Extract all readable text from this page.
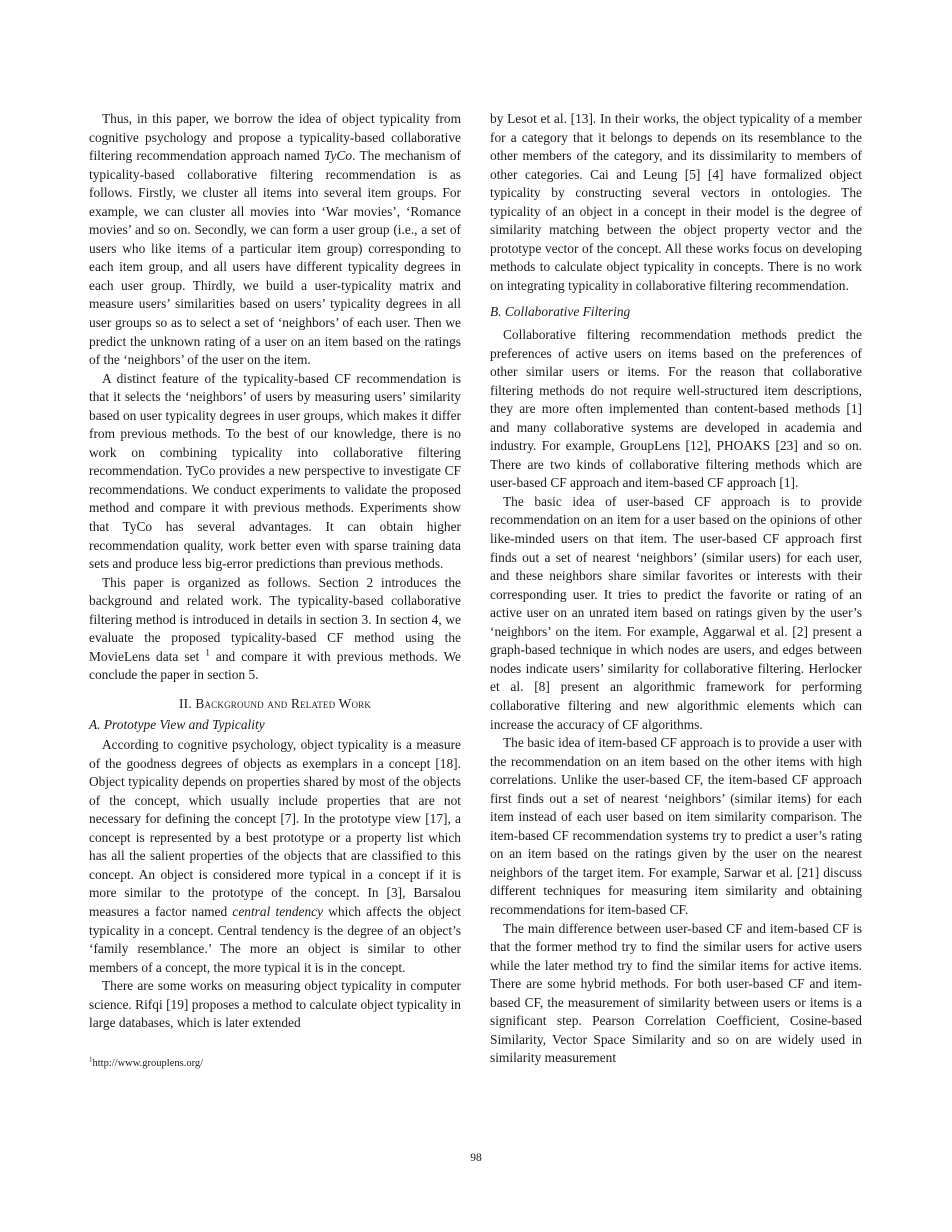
Thus, in this paper, we borrow the idea of object typicality from cognitive psychology and propose a typicality-based collaborative filtering recommendation approach named TyCo. The mechanism of typicality-based collaborative filtering recommendation is as follows. Firstly, we cluster all items into several item groups. For example, we can cluster all movies into ‘War movies’, ‘Romance movies’ and so on. Secondly, we can form a user group (i.e., a set of users who like items of a particular item group) corresponding to each item group, and all users have different typicality degrees in each user group. Thirdly, we build a user-typicality matrix and measure users’ similarities based on users’ typicality degrees in all user groups so as to select a set of ‘neighbors’ of each user. Then we predict the unknown rating of a user on an item based on the ratings of the ‘neighbors’ of the user on the item.

A distinct feature of the typicality-based CF recommendation is that it selects the ‘neighbors’ of users by measuring users’ similarity based on user typicality degrees in user groups, which makes it differ from previous methods. To the best of our knowledge, there is no work on combining typicality into collaborative filtering recommendation. TyCo provides a new perspective to investigate CF recommendations. We conduct experiments to validate the proposed method and compare it with previous methods. Experiments show that TyCo has several advantages. It can obtain higher recommendation quality, work better even with sparse training data sets and produce less big-error predictions than previous methods.

This paper is organized as follows. Section 2 introduces the background and related work. The typicality-based collaborative filtering method is introduced in details in section 3. In section 4, we evaluate the proposed typicality-based CF method using the MovieLens data set $^1$ and compare it with previous methods. We conclude the paper in section 5.

II. Background and Related Work
A. Prototype View and Typicality

According to cognitive psychology, object typicality is a measure of the goodness degrees of objects as exemplars in a concept [18]. Object typicality depends on properties shared by most of the objects of the concept, which usually include properties that are not necessary for defining the concept [7]. In the prototype view [17], a concept is represented by a best prototype or a property list which has all the salient properties of the objects that are classified to this concept. An object is considered more typical in a concept if it is more similar to the prototype of the concept. In [3], Barsalou measures a factor named central tendency which affects the object typicality in a concept. Central tendency is the degree of an object’s ‘family resemblance.’ The more an object is similar to other members of a concept, the more typical it is in the concept.

There are some works on measuring object typicality in computer science. Rifqi [19] proposes a method to calculate object typicality in large databases, which is later extended

by Lesot et al. [13]. In their works, the object typicality of a member for a category that it belongs to depends on its resemblance to the other members of the category, and its dissimilarity to members of other categories. Cai and Leung [5] [4] have formalized object typicality by constructing several vectors in ontologies. The typicality of an object in a concept in their model is the degree of similarity matching between the object property vector and the prototype vector of the concept. All these works focus on developing methods to calculate object typicality in concepts. There is no work on integrating typicality in collaborative filtering recommendation.

B. Collaborative Filtering

Collaborative filtering recommendation methods predict the preferences of active users on items based on the preferences of other similar users or items. For the reason that collaborative filtering methods do not require well-structured item descriptions, they are more often implemented than content-based methods [1] and many collaborative systems are developed in academia and industry. For example, GroupLens [12], PHOAKS [23] and so on. There are two kinds of collaborative filtering methods which are user-based CF approach and item-based CF approach [1].

The basic idea of user-based CF approach is to provide recommendation on an item for a user based on the opinions of other like-minded users on that item. The user-based CF approach first finds out a set of nearest ‘neighbors’ (similar users) for each user, and these neighbors share similar favorites or interests with their corresponding user. It tries to predict the favorite or rating of an active user on an unrated item based on ratings given by the user’s ‘neighbors’ on the item. For example, Aggarwal et al. [2] present a graph-based technique in which nodes are users, and edges between nodes indicate users’ similarity for collaborative filtering. Herlocker et al. [8] present an algorithmic framework for performing collaborative filtering and new algorithmic elements which can increase the accuracy of CF algorithms.

The basic idea of item-based CF approach is to provide a user with the recommendation on an item based on the other items with high correlations. Unlike the user-based CF, the item-based CF approach first finds out a set of nearest ‘neighbors’ (similar items) for each item instead of each user based on item similarity comparison. The item-based CF recommendation systems try to predict a user’s rating on an item based on the ratings given by the user on the nearest neighbors of the target item. For example, Sarwar et al. [21] discuss different techniques for measuring item similarity and obtaining recommendations for item-based CF.

The main difference between user-based CF and item-based CF is that the former method try to find the similar users for active users while the later method try to find the similar items for active items. There are some hybrid methods. For both user-based CF and item-based CF, the measurement of similarity between users or items is a significant step. Pearson Correlation Coefficient, Cosine-based Similarity, Vector Space Similarity and so on are widely used in similarity measurement

$^1$http://www.grouplens.org/
98
